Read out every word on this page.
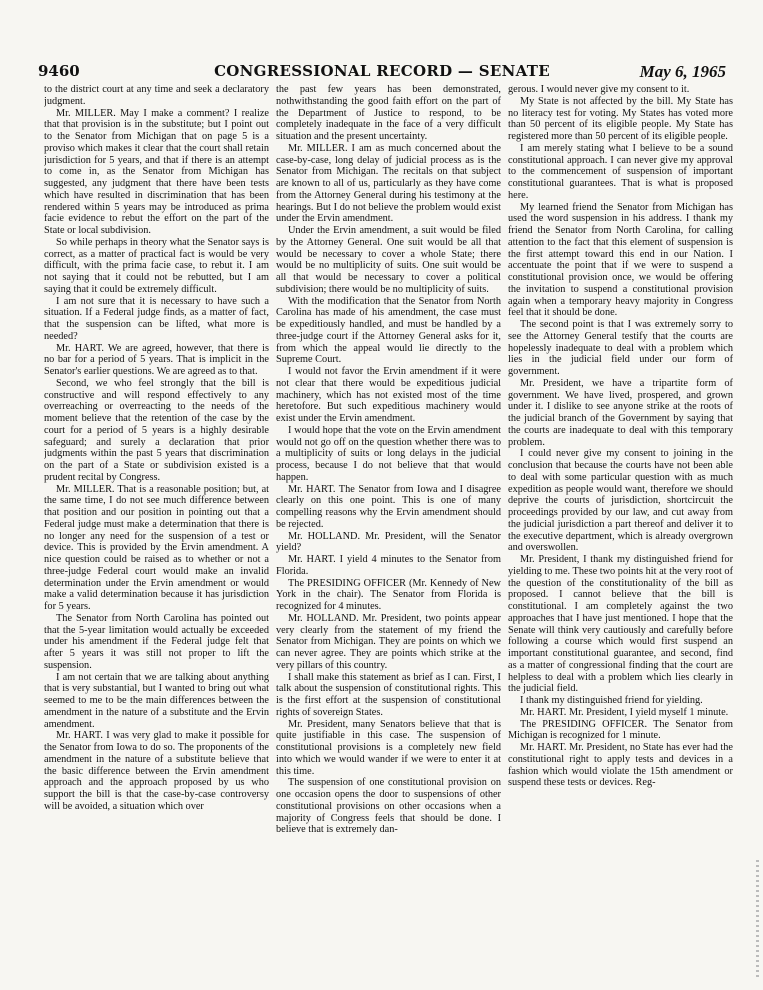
9460	CONGRESSIONAL RECORD — SENATE	May 6, 1965

to the district court at any time and seek a declaratory judgment.

Mr. MILLER. May I make a comment? I realize that that provision is in the substitute; but I point out to the Senator from Michigan that on page 5 is a proviso which makes it clear that the court shall retain jurisdiction for 5 years, and that if there is an attempt to come in, as the Senator from Michigan has suggested, any judgment that there have been tests which have resulted in discrimination that has been rendered within 5 years may be introduced as prima facie evidence to rebut the effort on the part of the State or local subdivision.

So while perhaps in theory what the Senator says is correct, as a matter of practical fact is would be very difficult, with the prima facie case, to rebut it. I am not saying that it could not be rebutted, but I am saying that it could be extremely difficult.

I am not sure that it is necessary to have such a situation. If a Federal judge finds, as a matter of fact, that the suspension can be lifted, what more is needed?

Mr. HART. We are agreed, however, that there is no bar for a period of 5 years. That is implicit in the Senator's earlier questions. We are agreed as to that.

Second, we who feel strongly that the bill is constructive and will respond effectively to any overreaching or overreacting to the needs of the moment believe that the retention of the case by the court for a period of 5 years is a highly desirable safeguard; and surely a declaration that prior judgments within the past 5 years that discrimination on the part of a State or subdivision existed is a prudent recital by Congress.

Mr. MILLER. That is a reasonable position; but, at the same time, I do not see much difference between that position and our position in pointing out that a Federal judge must make a determination that there is no longer any need for the suspension of a test or device. This is provided by the Ervin amendment. A nice question could be raised as to whether or not a three-judge Federal court would make an invalid determination under the Ervin amendment or would make a valid determination because it has jurisdiction for 5 years.

The Senator from North Carolina has pointed out that the 5-year limitation would actually be exceeded under his amendment if the Federal judge felt that after 5 years it was still not proper to lift the suspension.

I am not certain that we are talking about anything that is very substantial, but I wanted to bring out what seemed to me to be the main differences between the amendment in the nature of a substitute and the Ervin amendment.

Mr. HART. I was very glad to make it possible for the Senator from Iowa to do so. The proponents of the amendment in the nature of a substitute believe that the basic difference between the Ervin amendment approach and the approach proposed by us who support the bill is that the case-by-case controversy will be avoided, a situation which over

the past few years has been demonstrated, nothwithstanding the good faith effort on the part of the Department of Justice to respond, to be completely inadequate in the face of a very difficult situation and the present uncertainty.

Mr. MILLER. I am as much concerned about the case-by-case, long delay of judicial process as is the Senator from Michigan. The recitals on that subject are known to all of us, particularly as they have come from the Attorney General during his testimony at the hearings. But I do not believe the problem would exist under the Ervin amendment.

Under the Ervin amendment, a suit would be filed by the Attorney General. One suit would be all that would be necessary to cover a whole State; there would be no multiplicity of suits. One suit would be all that would be necessary to cover a political subdivision; there would be no multiplicity of suits.

With the modification that the Senator from North Carolina has made of his amendment, the case must be expeditiously handled, and must be handled by a three-judge court if the Attorney General asks for it, from which the appeal would lie directly to the Supreme Court.

I would not favor the Ervin amendment if it were not clear that there would be expeditious judicial machinery, which has not existed most of the time heretofore. But such expeditious machinery would exist under the Ervin amendment.

I would hope that the vote on the Ervin amendment would not go off on the question whether there was to a multiplicity of suits or long delays in the judicial process, because I do not believe that that would happen.

Mr. HART. The Senator from Iowa and I disagree clearly on this one point. This is one of many compelling reasons why the Ervin amendment should be rejected.

Mr. HOLLAND. Mr. President, will the Senator yield?

Mr. HART. I yield 4 minutes to the Senator from Florida.

The PRESIDING OFFICER (Mr. Kennedy of New York in the chair). The Senator from Florida is recognized for 4 minutes.

Mr. HOLLAND. Mr. President, two points appear very clearly from the statement of my friend the Senator from Michigan. They are points on which we can never agree. They are points which strike at the very pillars of this country.

I shall make this statement as brief as I can. First, I talk about the suspension of constitutional rights. This is the first effort at the suspension of constitutional rights of sovereign States.

Mr. President, many Senators believe that that is quite justifiable in this case. The suspension of constitutional provisions is a completely new field into which we would wander if we were to enter it at this time.

The suspension of one constitutional provision on one occasion opens the door to suspensions of other constitutional provisions on other occasions when a majority of Congress feels that should be done. I believe that is extremely dan-

gerous. I would never give my consent to it.

My State is not affected by the bill. My State has no literacy test for voting. My States has voted more than 50 percent of its eligible people. My State has registered more than 50 percent of its eligible people.

I am merely stating what I believe to be a sound constitutional approach. I can never give my approval to the commencement of suspension of important constitutional guarantees. That is what is proposed here.

My learned friend the Senator from Michigan has used the word suspension in his address. I thank my friend the Senator from North Carolina, for calling attention to the fact that this element of suspension is the first attempt toward this end in our Nation. I accentuate the point that if we were to suspend a constitutional provision once, we would be offering the invitation to suspend a constitutional provision again when a temporary heavy majority in Congress feel that it should be done.

The second point is that I was extremely sorry to see the Attorney General testify that the courts are hopelessly inadequate to deal with a problem which lies in the judicial field under our form of government.

Mr. President, we have a tripartite form of government. We have lived, prospered, and grown under it. I dislike to see anyone strike at the roots of the judicial branch of the Government by saying that the courts are inadequate to deal with this temporary problem.

I could never give my consent to joining in the conclusion that because the courts have not been able to deal with some particular question with as much expedition as people would want, therefore we should deprive the courts of jurisdiction, shortcircuit the proceedings provided by our law, and cut away from the judicial jurisdiction a part thereof and deliver it to the executive department, which is already overgrown and overswollen.

Mr. President, I thank my distinguished friend for yielding to me. These two points hit at the very root of the question of the constitutionality of the bill as proposed. I cannot believe that the bill is constitutional. I am completely against the two approaches that I have just mentioned. I hope that the Senate will think very cautiously and carefully before following a course which would first suspend an important constitutional guarantee, and second, find as a matter of congressional finding that the court are helpless to deal with a problem which lies clearly in the judicial field.

I thank my distinguished friend for yielding.

Mr. HART. Mr. President, I yield myself 1 minute.

The PRESIDING OFFICER. The Senator from Michigan is recognized for 1 minute.

Mr. HART. Mr. President, no State has ever had the constitutional right to apply tests and devices in a fashion which would violate the 15th amendment or suspend these tests or devices. Reg-
